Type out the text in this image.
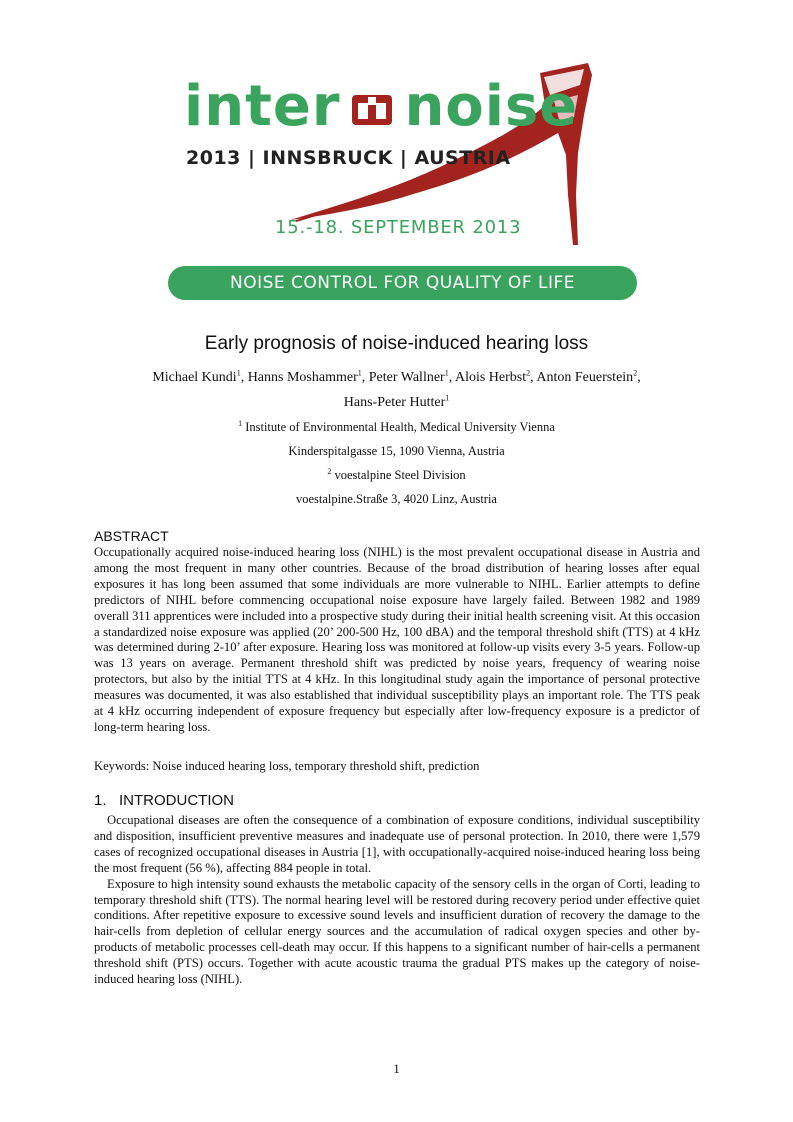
inter noise
2013 | INNSBRUCK | AUSTRIA
15.-18. SEPTEMBER 2013
NOISE CONTROL FOR QUALITY OF LIFE
Early prognosis of noise-induced hearing loss
Michael Kundi$^1$, Hanns Moshammer$^1$, Peter Wallner$^1$, Alois Herbst$^2$, Anton Feuerstein$^2$,
Hans-Peter Hutter$^1$
$^1$ Institute of Environmental Health, Medical University Vienna
Kinderspitalgasse 15, 1090 Vienna, Austria
$^2$ voestalpine Steel Division
voestalpine.Straße 3, 4020 Linz, Austria
ABSTRACT
Occupationally acquired noise-induced hearing loss (NIHL) is the most prevalent occupational disease in Austria and among the most frequent in many other countries. Because of the broad distribution of hearing losses after equal exposures it has long been assumed that some individuals are more vulnerable to NIHL. Earlier attempts to define predictors of NIHL before commencing occupational noise exposure have largely failed. Between 1982 and 1989 overall 311 apprentices were included into a prospective study during their initial health screening visit. At this occasion a standardized noise exposure was applied (20’ 200-500 Hz, 100 dBA) and the temporal threshold shift (TTS) at 4 kHz was determined during 2-10’ after exposure. Hearing loss was monitored at follow-up visits every 3-5 years. Follow-up was 13 years on average. Permanent threshold shift was predicted by noise years, frequency of wearing noise protectors, but also by the initial TTS at 4 kHz. In this longitudinal study again the importance of personal protective measures was documented, it was also established that individual susceptibility plays an important role. The TTS peak at 4 kHz occurring independent of exposure frequency but especially after low-frequency exposure is a predictor of long-term hearing loss.
Keywords: Noise induced hearing loss, temporary threshold shift, prediction
1.   INTRODUCTION

Occupational diseases are often the consequence of a combination of exposure conditions, individual susceptibility and disposition, insufficient preventive measures and inadequate use of personal protection. In 2010, there were 1,579 cases of recognized occupational diseases in Austria [1], with occupationally-acquired noise-induced hearing loss being the most frequent (56 %), affecting 884 people in total.

Exposure to high intensity sound exhausts the metabolic capacity of the sensory cells in the organ of Corti, leading to temporary threshold shift (TTS). The normal hearing level will be restored during recovery period under effective quiet conditions. After repetitive exposure to excessive sound levels and insufficient duration of recovery the damage to the hair-cells from depletion of cellular energy sources and the accumulation of radical oxygen species and other by-products of metabolic processes cell-death may occur. If this happens to a significant number of hair-cells a permanent threshold shift (PTS) occurs. Together with acute acoustic trauma the gradual PTS makes up the category of noise-induced hearing loss (NIHL).

1
